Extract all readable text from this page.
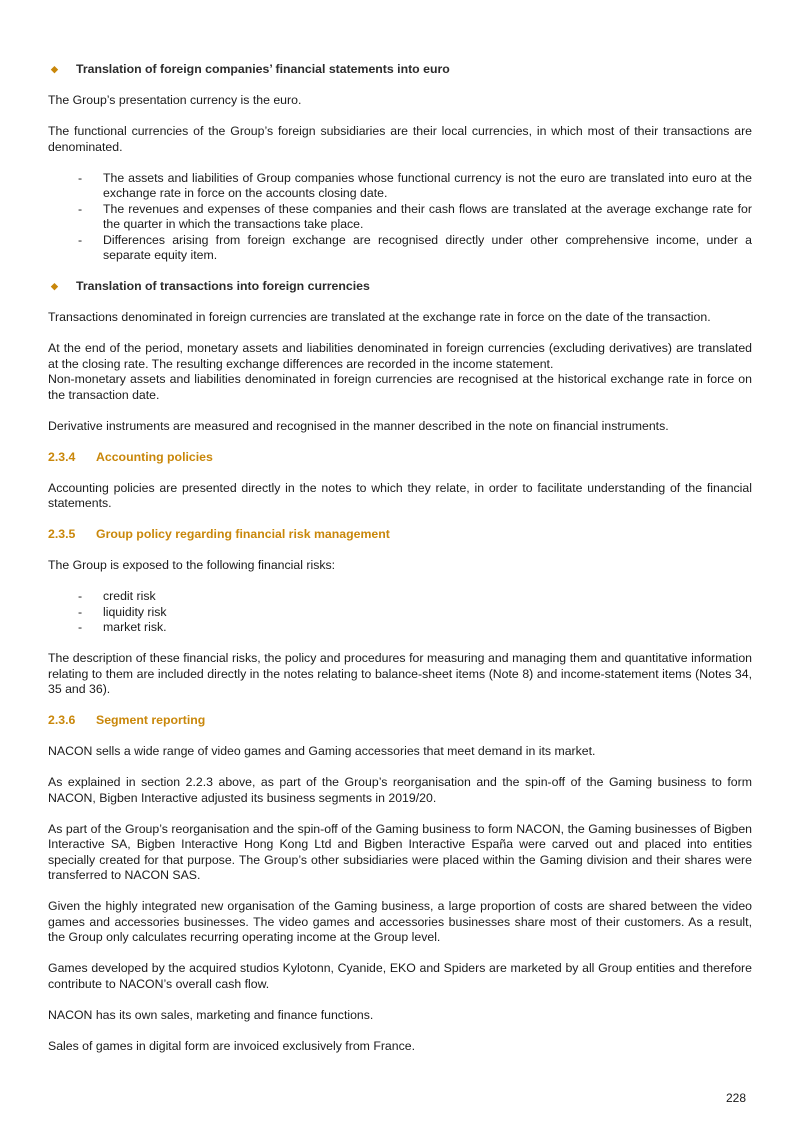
◆	Translation of foreign companies’ financial statements into euro

The Group’s presentation currency is the euro.

The functional currencies of the Group’s foreign subsidiaries are their local currencies, in which most of their transactions are denominated.

-	The assets and liabilities of Group companies whose functional currency is not the euro are translated into euro at the exchange rate in force on the accounts closing date.
-	The revenues and expenses of these companies and their cash flows are translated at the average exchange rate for the quarter in which the transactions take place.
-	Differences arising from foreign exchange are recognised directly under other comprehensive income, under a separate equity item.
◆	Translation of transactions into foreign currencies

Transactions denominated in foreign currencies are translated at the exchange rate in force on the date of the transaction.

At the end of the period, monetary assets and liabilities denominated in foreign currencies (excluding derivatives) are translated at the closing rate. The resulting exchange differences are recorded in the income statement.

Non-monetary assets and liabilities denominated in foreign currencies are recognised at the historical exchange rate in force on the transaction date.

Derivative instruments are measured and recognised in the manner described in the note on financial instruments.

2.3.4	Accounting policies

Accounting policies are presented directly in the notes to which they relate, in order to facilitate understanding of the financial statements.

2.3.5	Group policy regarding financial risk management

The Group is exposed to the following financial risks:

-	credit risk
-	liquidity risk
-	market risk.

The description of these financial risks, the policy and procedures for measuring and managing them and quantitative information relating to them are included directly in the notes relating to balance-sheet items (Note 8) and income-statement items (Notes 34, 35 and 36).

2.3.6	Segment reporting

NACON sells a wide range of video games and Gaming accessories that meet demand in its market.

As explained in section 2.2.3 above, as part of the Group’s reorganisation and the spin-off of the Gaming business to form NACON, Bigben Interactive adjusted its business segments in 2019/20.

As part of the Group’s reorganisation and the spin-off of the Gaming business to form NACON, the Gaming businesses of Bigben Interactive SA, Bigben Interactive Hong Kong Ltd and Bigben Interactive España were carved out and placed into entities specially created for that purpose. The Group’s other subsidiaries were placed within the Gaming division and their shares were transferred to NACON SAS.

Given the highly integrated new organisation of the Gaming business, a large proportion of costs are shared between the video games and accessories businesses. The video games and accessories businesses share most of their customers. As a result, the Group only calculates recurring operating income at the Group level.

Games developed by the acquired studios Kylotonn, Cyanide, EKO and Spiders are marketed by all Group entities and therefore contribute to NACON’s overall cash flow.

NACON has its own sales, marketing and finance functions.

Sales of games in digital form are invoiced exclusively from France.

228
